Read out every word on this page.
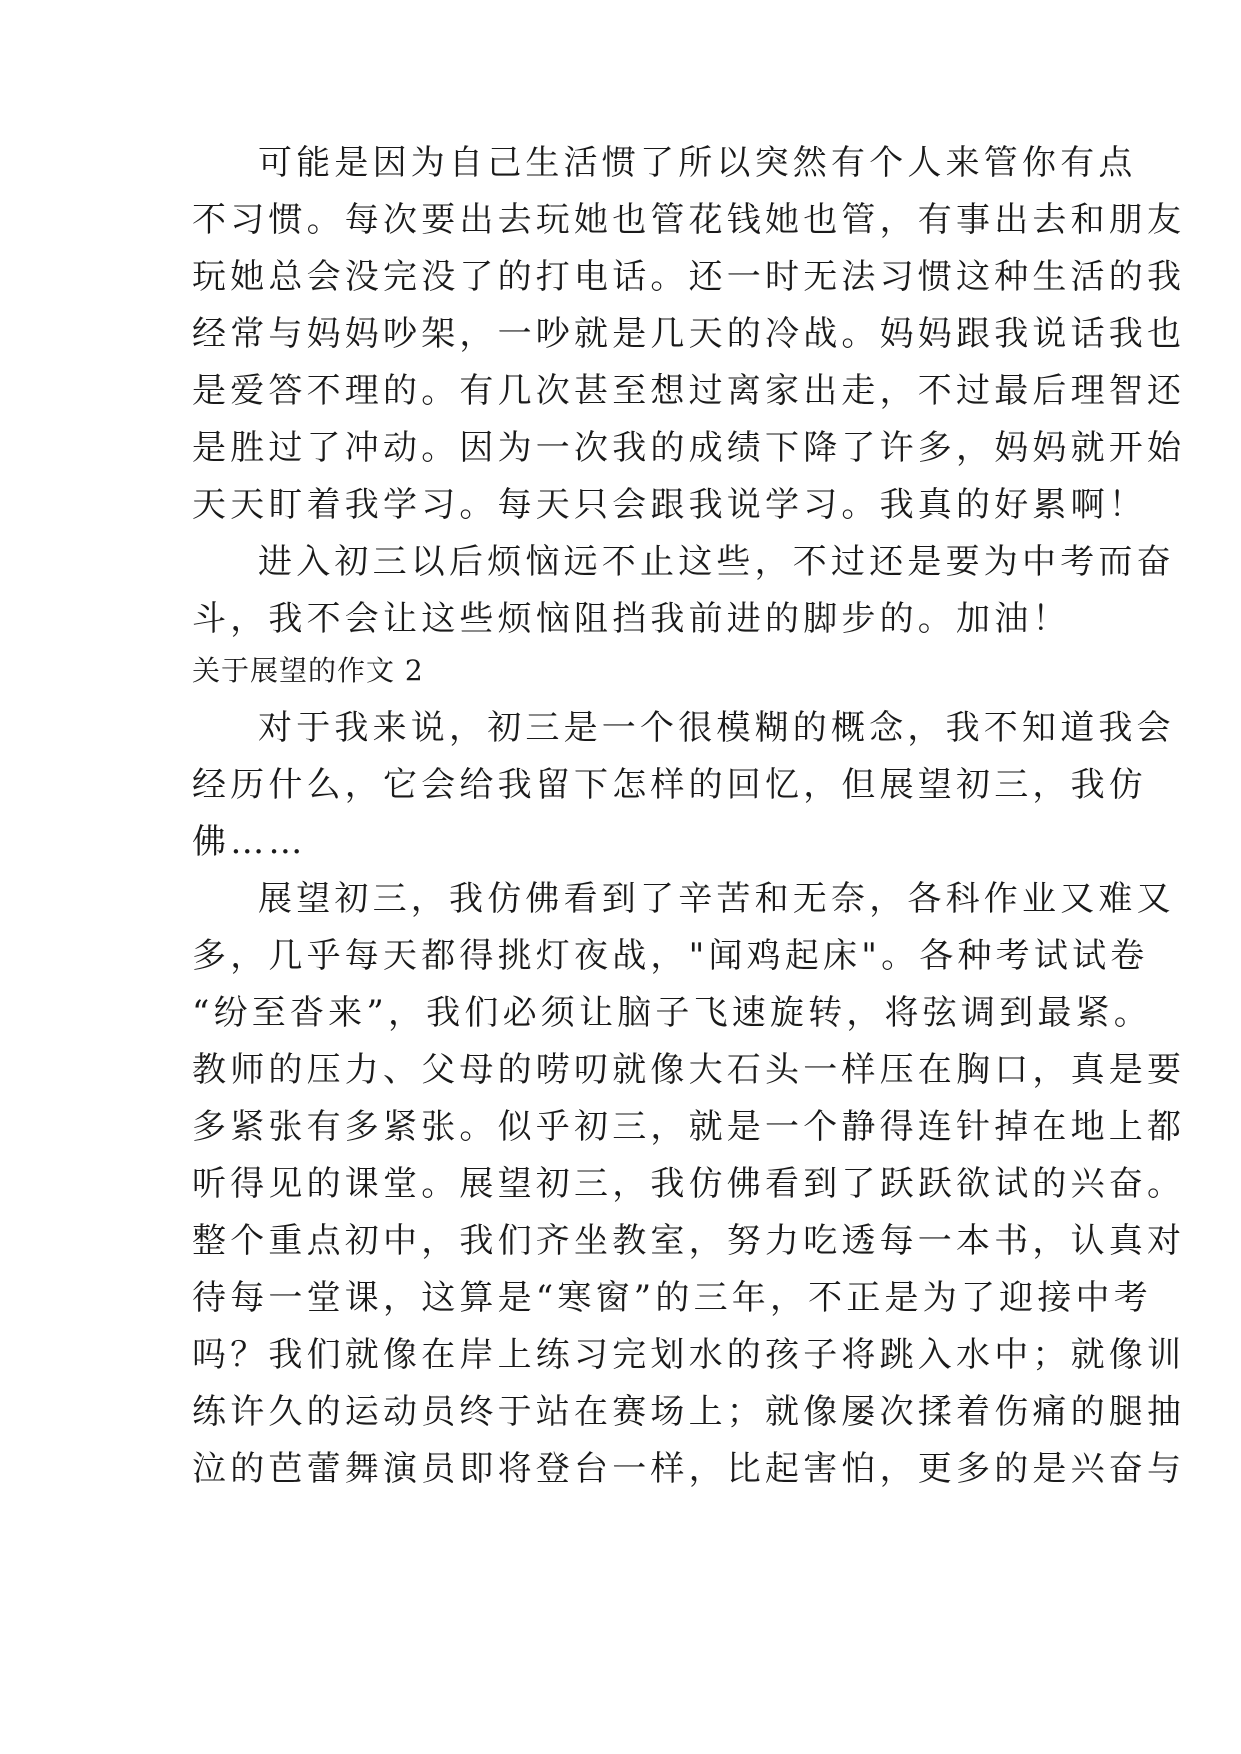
可能是因为自己生活惯了所以突然有个人来管你有点
不习惯。每次要出去玩她也管花钱她也管，有事出去和朋友
玩她总会没完没了的打电话。还一时无法习惯这种生活的我
经常与妈妈吵架，一吵就是几天的冷战。妈妈跟我说话我也
是爱答不理的。有几次甚至想过离家出走，不过最后理智还
是胜过了冲动。因为一次我的成绩下降了许多，妈妈就开始
天天盯着我学习。每天只会跟我说学习。我真的好累啊！
进入初三以后烦恼远不止这些，不过还是要为中考而奋
斗，我不会让这些烦恼阻挡我前进的脚步的。加油！
关于展望的作文 2
对于我来说，初三是一个很模糊的概念，我不知道我会
经历什么，它会给我留下怎样的回忆，但展望初三，我仿
佛……
展望初三，我仿佛看到了辛苦和无奈，各科作业又难又
多，几乎每天都得挑灯夜战，"闻鸡起床"。各种考试试卷
“纷至沓来”，我们必须让脑子飞速旋转，将弦调到最紧。
教师的压力、父母的唠叨就像大石头一样压在胸口，真是要
多紧张有多紧张。似乎初三，就是一个静得连针掉在地上都
听得见的课堂。展望初三，我仿佛看到了跃跃欲试的兴奋。
整个重点初中，我们齐坐教室，努力吃透每一本书，认真对
待每一堂课，这算是“寒窗”的三年，不正是为了迎接中考
吗？我们就像在岸上练习完划水的孩子将跳入水中；就像训
练许久的运动员终于站在赛场上；就像屡次揉着伤痛的腿抽
泣的芭蕾舞演员即将登台一样，比起害怕，更多的是兴奋与
